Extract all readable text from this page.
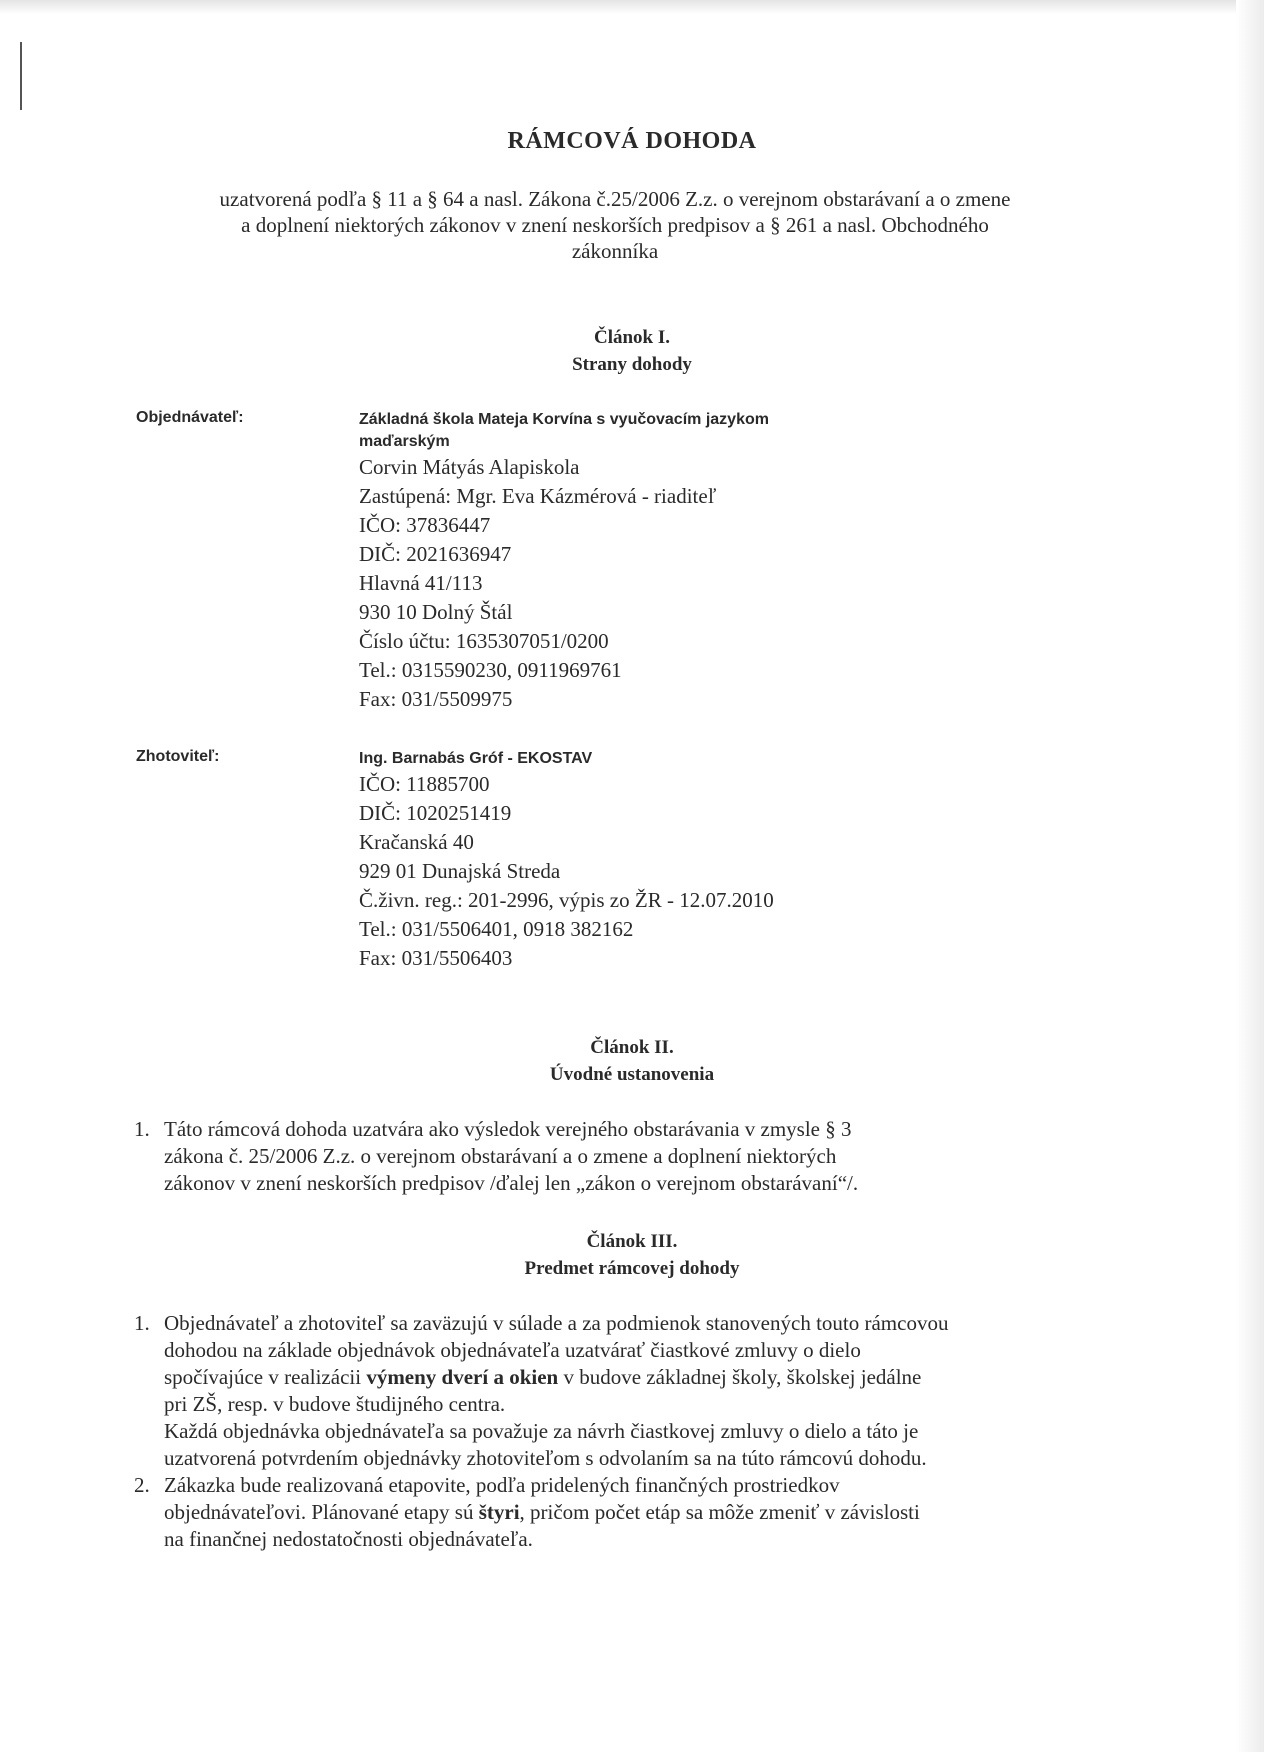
RÁMCOVÁ DOHODA
uzatvorená podľa § 11 a § 64 a nasl. Zákona č.25/2006 Z.z. o verejnom obstarávaní a o zmene
a doplnení niektorých zákonov v znení neskorších predpisov a § 261 a nasl. Obchodného
zákonníka
Článok I.
Strany dohody
Objednávateľ:	Základná škola Mateja Korvína s vyučovacím jazykom
maďarským
Corvin Mátyás Alapiskola
Zastúpená: Mgr. Eva Kázmérová - riaditeľ
IČO: 37836447
DIČ: 2021636947
Hlavná 41/113
930 10 Dolný Štál
Číslo účtu: 1635307051/0200
Tel.: 0315590230, 0911969761
Fax: 031/5509975
Zhotoviteľ:	Ing. Barnabás Gróf - EKOSTAV
IČO: 11885700
DIČ: 1020251419
Kračanská 40
929 01 Dunajská Streda
Č.živn. reg.: 201-2996, výpis zo ŽR - 12.07.2010
Tel.: 031/5506401, 0918 382162
Fax: 031/5506403
Článok II.
Úvodné ustanovenia
1. Táto rámcová dohoda uzatvára ako výsledok verejného obstarávania v zmysle § 3
zákona č. 25/2006 Z.z. o verejnom obstarávaní a o zmene a doplnení niektorých
zákonov v znení neskorších predpisov /ďalej len „zákon o verejnom obstarávaní“/.
Článok III.
Predmet rámcovej dohody
1. Objednávateľ a zhotoviteľ sa zaväzujú v súlade a za podmienok stanovených touto rámcovou
dohodou na základe objednávok objednávateľa uzatvárať čiastkové zmluvy o dielo
spočívajúce v realizácii výmeny dverí a okien v budove základnej školy, školskej jedálne
pri ZŠ, resp. v budove študijného centra.
Každá objednávka objednávateľa sa považuje za návrh čiastkovej zmluvy o dielo a táto je
uzatvorená potvrdením objednávky zhotoviteľom s odvolaním sa na túto rámcovú dohodu.
2. Zákazka bude realizovaná etapovite, podľa pridelených finančných prostriedkov
objednávateľovi. Plánované etapy sú štyri, pričom počet etáp sa môže zmeniť v závislosti
na finančnej nedostatočnosti objednávateľa.
